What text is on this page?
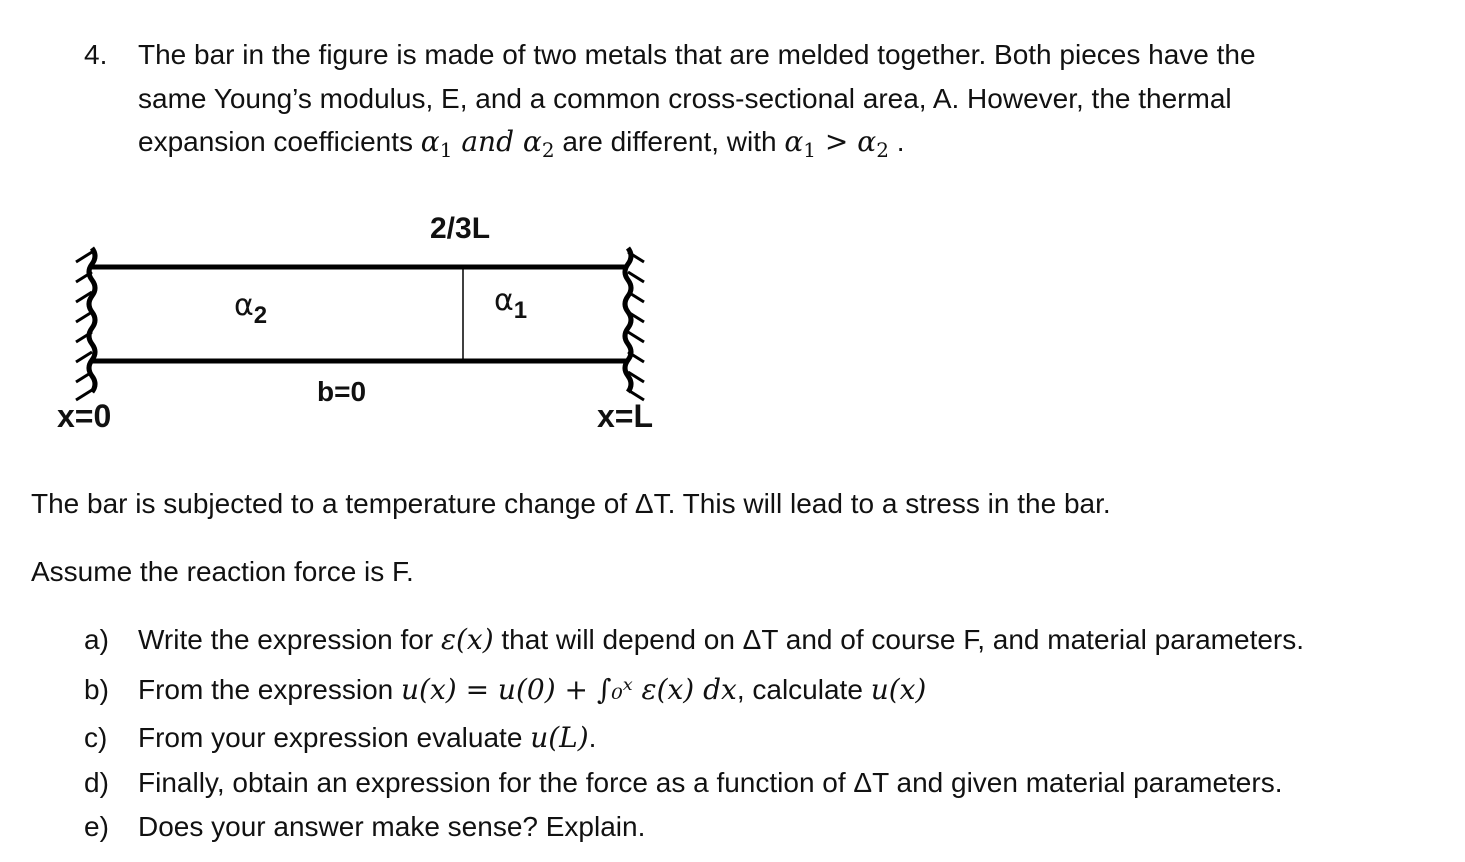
4. The bar in the figure is made of two metals that are melded together. Both pieces have the
same Young’s modulus, E, and a common cross-sectional area, A. However, the thermal
expansion coefficients $\alpha_1$ and $\alpha_2$ are different, with $\alpha_1 > \alpha_2$ .
2/3L
$\alpha_2$	$\alpha_1$
b=0
x=0	x=L
The bar is subjected to a temperature change of ΔT. This will lead to a stress in the bar.
Assume the reaction force is F.
a) Write the expression for ε(x) that will depend on ΔT and of course F, and material parameters.
b) From the expression u(x) = u(0) + ∫₀ˣ ε(x) dx, calculate u(x)
c) From your expression evaluate u(L).
d) Finally, obtain an expression for the force as a function of ΔT and given material parameters.
e) Does your answer make sense? Explain.
